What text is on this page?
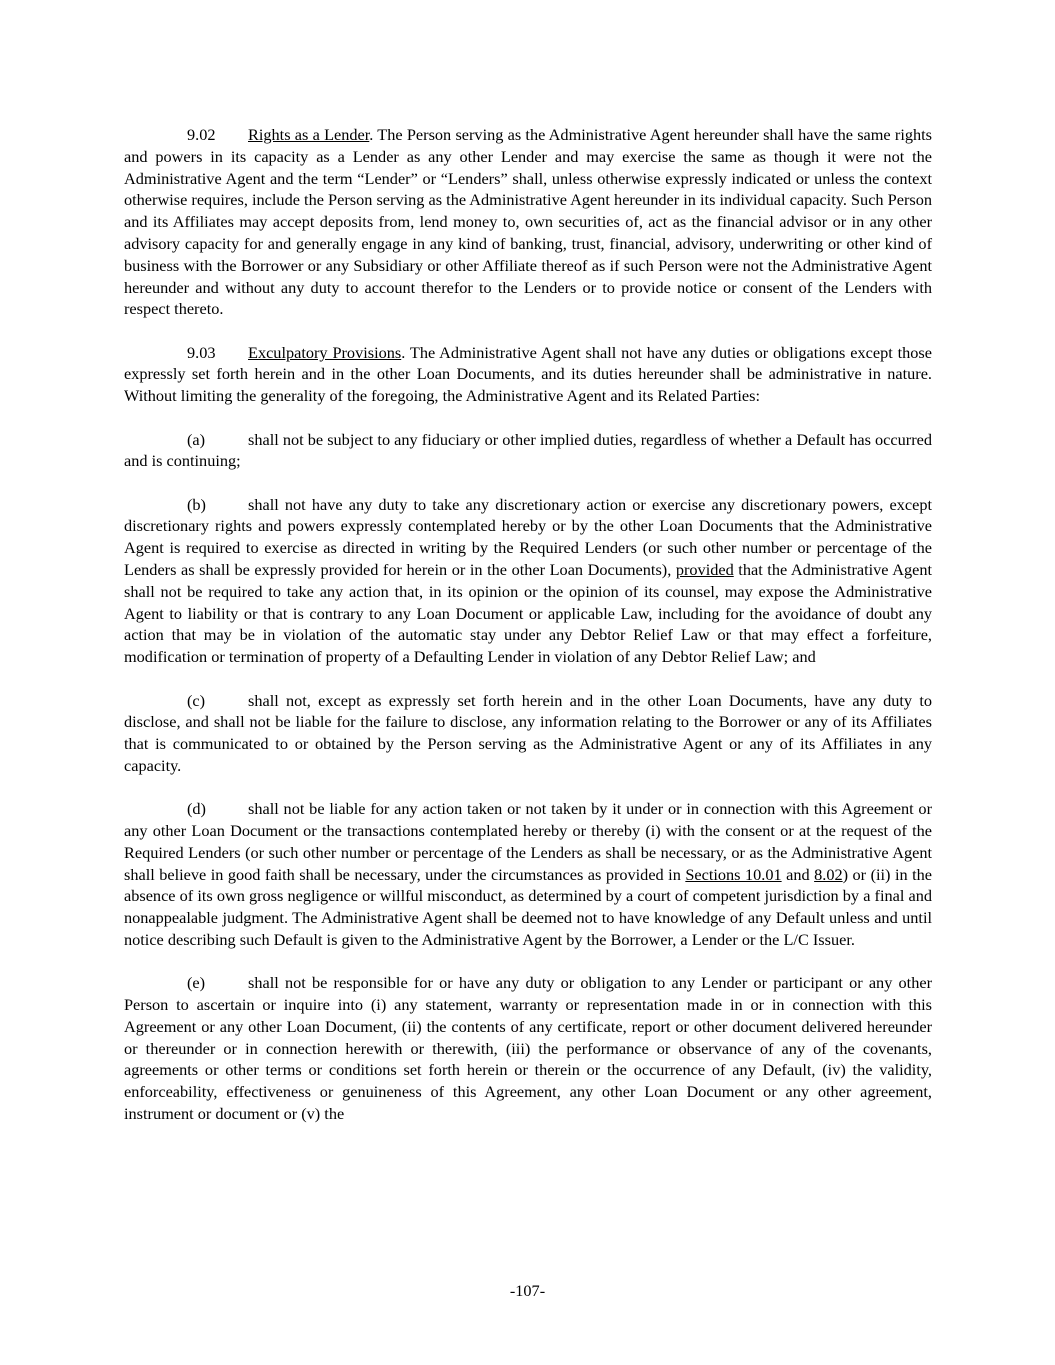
9.02 Rights as a Lender. The Person serving as the Administrative Agent hereunder shall have the same rights and powers in its capacity as a Lender as any other Lender and may exercise the same as though it were not the Administrative Agent and the term “Lender” or “Lenders” shall, unless otherwise expressly indicated or unless the context otherwise requires, include the Person serving as the Administrative Agent hereunder in its individual capacity. Such Person and its Affiliates may accept deposits from, lend money to, own securities of, act as the financial advisor or in any other advisory capacity for and generally engage in any kind of banking, trust, financial, advisory, underwriting or other kind of business with the Borrower or any Subsidiary or other Affiliate thereof as if such Person were not the Administrative Agent hereunder and without any duty to account therefor to the Lenders or to provide notice or consent of the Lenders with respect thereto.

9.03 Exculpatory Provisions. The Administrative Agent shall not have any duties or obligations except those expressly set forth herein and in the other Loan Documents, and its duties hereunder shall be administrative in nature. Without limiting the generality of the foregoing, the Administrative Agent and its Related Parties:

(a)	shall not be subject to any fiduciary or other implied duties, regardless of whether a Default has occurred and is continuing;

(b)	shall not have any duty to take any discretionary action or exercise any discretionary powers, except discretionary rights and powers expressly contemplated hereby or by the other Loan Documents that the Administrative Agent is required to exercise as directed in writing by the Required Lenders (or such other number or percentage of the Lenders as shall be expressly provided for herein or in the other Loan Documents), provided that the Administrative Agent shall not be required to take any action that, in its opinion or the opinion of its counsel, may expose the Administrative Agent to liability or that is contrary to any Loan Document or applicable Law, including for the avoidance of doubt any action that may be in violation of the automatic stay under any Debtor Relief Law or that may effect a forfeiture, modification or termination of property of a Defaulting Lender in violation of any Debtor Relief Law; and

(c)	shall not, except as expressly set forth herein and in the other Loan Documents, have any duty to disclose, and shall not be liable for the failure to disclose, any information relating to the Borrower or any of its Affiliates that is communicated to or obtained by the Person serving as the Administrative Agent or any of its Affiliates in any capacity.

(d)	shall not be liable for any action taken or not taken by it under or in connection with this Agreement or any other Loan Document or the transactions contemplated hereby or thereby (i) with the consent or at the request of the Required Lenders (or such other number or percentage of the Lenders as shall be necessary, or as the Administrative Agent shall believe in good faith shall be necessary, under the circumstances as provided in Sections 10.01 and 8.02) or (ii) in the absence of its own gross negligence or willful misconduct, as determined by a court of competent jurisdiction by a final and nonappealable judgment. The Administrative Agent shall be deemed not to have knowledge of any Default unless and until notice describing such Default is given to the Administrative Agent by the Borrower, a Lender or the L/C Issuer.

(e)	shall not be responsible for or have any duty or obligation to any Lender or participant or any other Person to ascertain or inquire into (i) any statement, warranty or representation made in or in connection with this Agreement or any other Loan Document, (ii) the contents of any certificate, report or other document delivered hereunder or thereunder or in connection herewith or therewith, (iii) the performance or observance of any of the covenants, agreements or other terms or conditions set forth herein or therein or the occurrence of any Default, (iv) the validity, enforceability, effectiveness or genuineness of this Agreement, any other Loan Document or any other agreement, instrument or document or (v) the

-107-
